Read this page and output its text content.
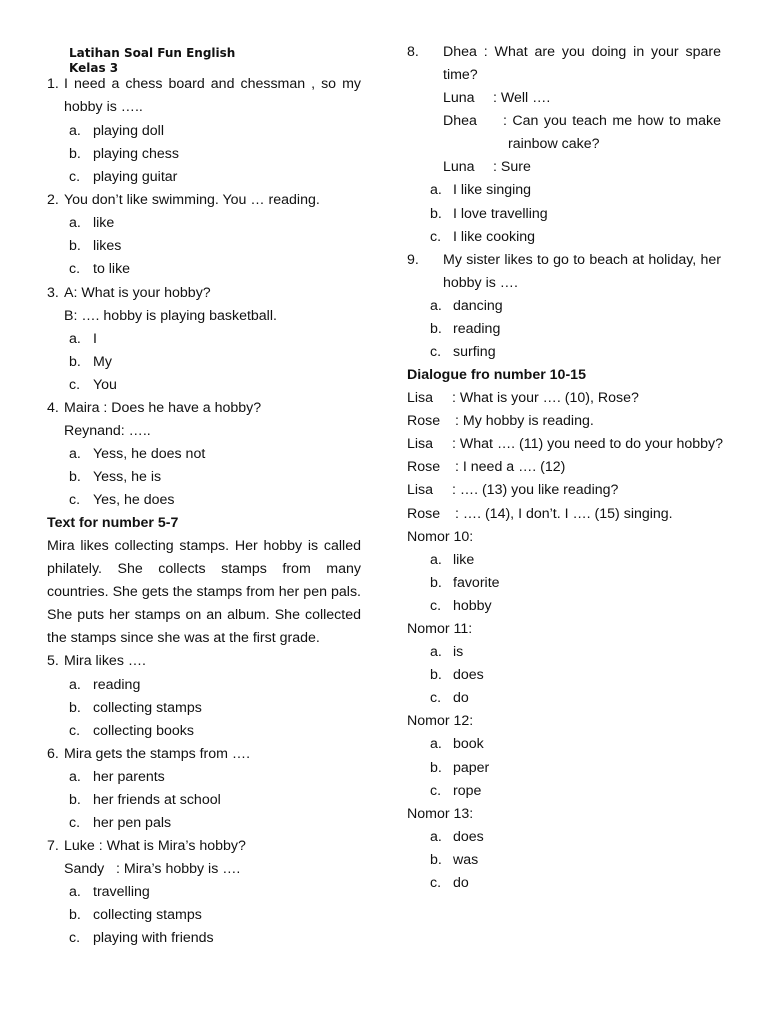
Latihan Soal Fun English
Kelas 3
1. I need a chess board and chessman , so my
hobby is …..
a. playing doll
b. playing chess
c. playing guitar
2. You don’t like swimming. You … reading.
a. like
b. likes
c. to like
3. A: What is your hobby?
B: …. hobby is playing basketball.
a. I
b. My
c. You
4. Maira : Does he have a hobby?
Reynand: …..
a. Yess, he does not
b. Yess, he is
c. Yes, he does
Text for number 5-7
Mira likes collecting stamps. Her hobby is called
philately. She collects stamps from many
countries. She gets the stamps from her pen pals.
She puts her stamps on an album. She collected
the stamps since she was at the first grade.
5. Mira likes ….
a. reading
b. collecting stamps
c. collecting books
6. Mira gets the stamps from ….
a. her parents
b. her friends at school
c. her pen pals
7. Luke : What is Mira’s hobby?
Sandy   : Mira’s hobby is ….
a. travelling
b. collecting stamps
c. playing with friends
8. Dhea : What are you doing in your spare
time?
Luna : Well ….
Dhea : Can you teach me how to make
rainbow cake?
Luna : Sure
a. I like singing
b. I love travelling
c. I like cooking
9. My sister likes to go to beach at holiday, her
hobby is ….
a. dancing
b. reading
c. surfing
Dialogue fro number 10-15
Lisa : What is your …. (10), Rose?
Rose : My hobby is reading.
Lisa : What …. (11) you need to do your hobby?
Rose : I need a …. (12)
Lisa : …. (13) you like reading?
Rose : …. (14), I don’t. I …. (15) singing.
Nomor 10:
a. like
b. favorite
c. hobby
Nomor 11:
a. is
b. does
c. do
Nomor 12:
a. book
b. paper
c. rope
Nomor 13:
a. does
b. was
c. do
